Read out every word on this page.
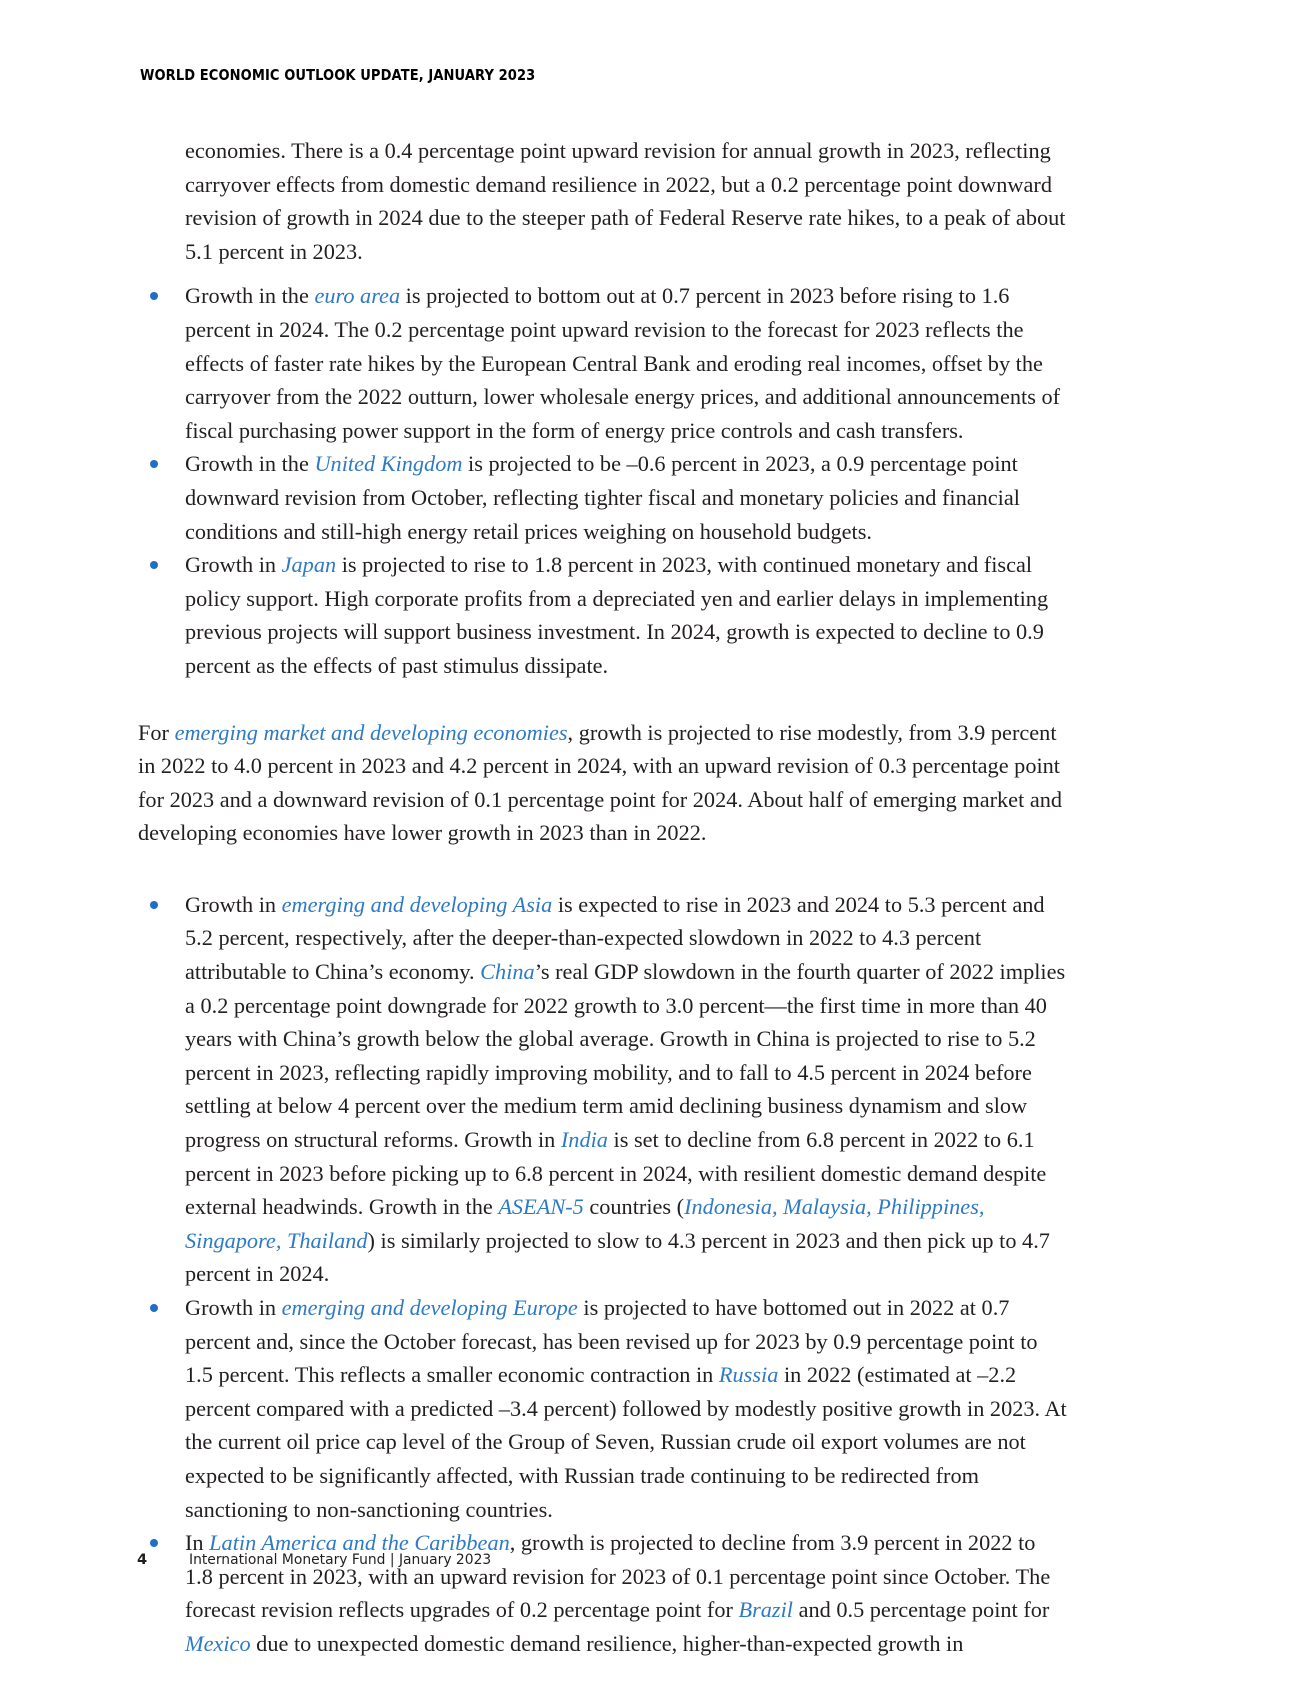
WORLD ECONOMIC OUTLOOK UPDATE, JANUARY 2023

economies. There is a 0.4 percentage point upward revision for annual growth in 2023, reflecting carryover effects from domestic demand resilience in 2022, but a 0.2 percentage point downward revision of growth in 2024 due to the steeper path of Federal Reserve rate hikes, to a peak of about 5.1 percent in 2023.

Growth in the euro area is projected to bottom out at 0.7 percent in 2023 before rising to 1.6 percent in 2024. The 0.2 percentage point upward revision to the forecast for 2023 reflects the effects of faster rate hikes by the European Central Bank and eroding real incomes, offset by the carryover from the 2022 outturn, lower wholesale energy prices, and additional announcements of fiscal purchasing power support in the form of energy price controls and cash transfers.

Growth in the United Kingdom is projected to be –0.6 percent in 2023, a 0.9 percentage point downward revision from October, reflecting tighter fiscal and monetary policies and financial conditions and still-high energy retail prices weighing on household budgets.

Growth in Japan is projected to rise to 1.8 percent in 2023, with continued monetary and fiscal policy support. High corporate profits from a depreciated yen and earlier delays in implementing previous projects will support business investment. In 2024, growth is expected to decline to 0.9 percent as the effects of past stimulus dissipate.

For emerging market and developing economies, growth is projected to rise modestly, from 3.9 percent in 2022 to 4.0 percent in 2023 and 4.2 percent in 2024, with an upward revision of 0.3 percentage point for 2023 and a downward revision of 0.1 percentage point for 2024. About half of emerging market and developing economies have lower growth in 2023 than in 2022.

Growth in emerging and developing Asia is expected to rise in 2023 and 2024 to 5.3 percent and 5.2 percent, respectively, after the deeper-than-expected slowdown in 2022 to 4.3 percent attributable to China’s economy. China’s real GDP slowdown in the fourth quarter of 2022 implies a 0.2 percentage point downgrade for 2022 growth to 3.0 percent—the first time in more than 40 years with China’s growth below the global average. Growth in China is projected to rise to 5.2 percent in 2023, reflecting rapidly improving mobility, and to fall to 4.5 percent in 2024 before settling at below 4 percent over the medium term amid declining business dynamism and slow progress on structural reforms. Growth in India is set to decline from 6.8 percent in 2022 to 6.1 percent in 2023 before picking up to 6.8 percent in 2024, with resilient domestic demand despite external headwinds. Growth in the ASEAN-5 countries (Indonesia, Malaysia, Philippines, Singapore, Thailand) is similarly projected to slow to 4.3 percent in 2023 and then pick up to 4.7 percent in 2024.

Growth in emerging and developing Europe is projected to have bottomed out in 2022 at 0.7 percent and, since the October forecast, has been revised up for 2023 by 0.9 percentage point to 1.5 percent. This reflects a smaller economic contraction in Russia in 2022 (estimated at –2.2 percent compared with a predicted –3.4 percent) followed by modestly positive growth in 2023. At the current oil price cap level of the Group of Seven, Russian crude oil export volumes are not expected to be significantly affected, with Russian trade continuing to be redirected from sanctioning to non-sanctioning countries.

In Latin America and the Caribbean, growth is projected to decline from 3.9 percent in 2022 to 1.8 percent in 2023, with an upward revision for 2023 of 0.1 percentage point since October. The forecast revision reflects upgrades of 0.2 percentage point for Brazil and 0.5 percentage point for Mexico due to unexpected domestic demand resilience, higher-than-expected growth in

4	International Monetary Fund | January 2023
